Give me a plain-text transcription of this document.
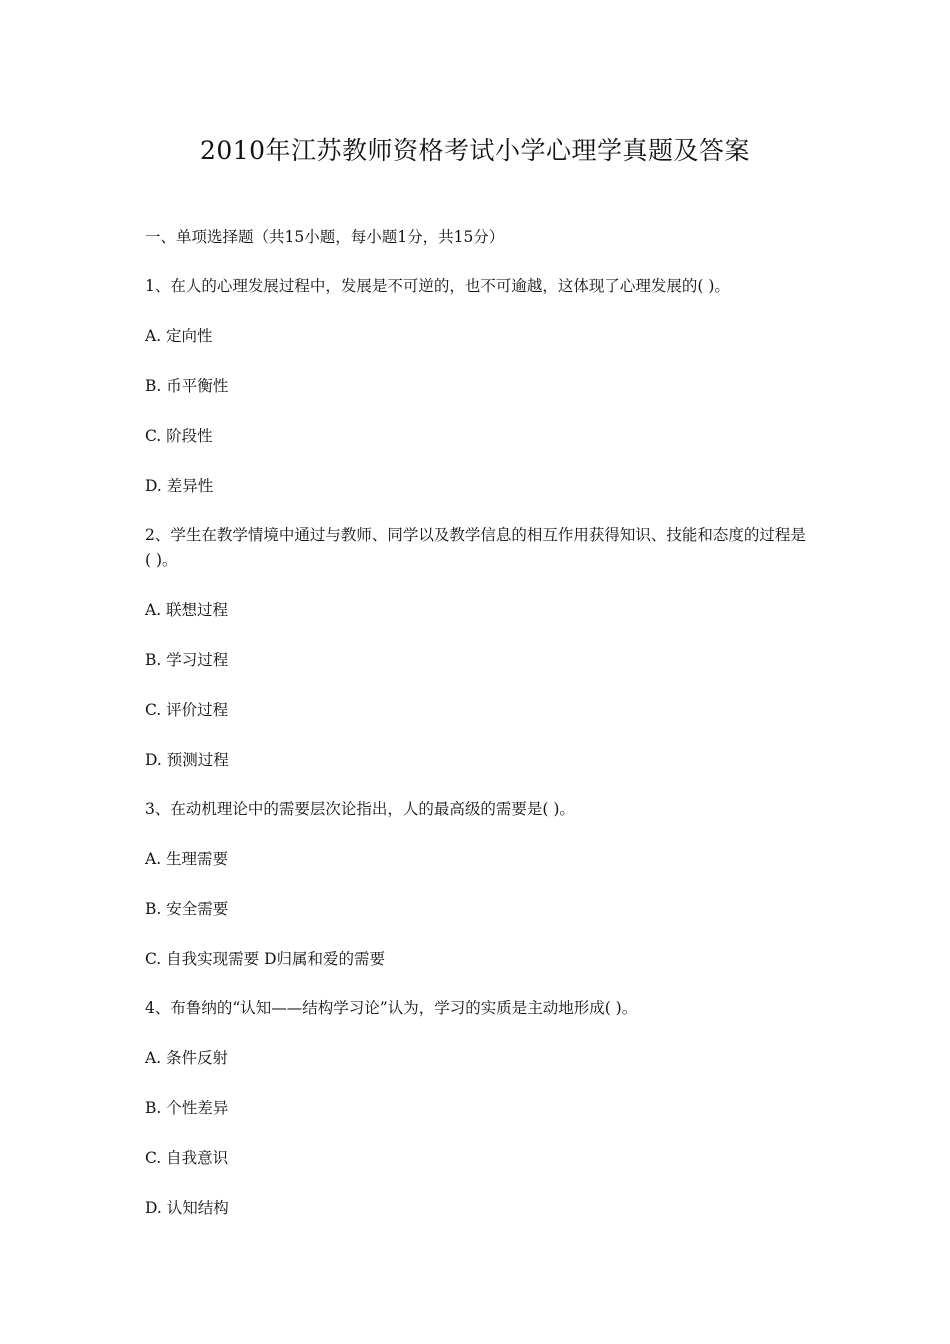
2010年江苏教师资格考试小学心理学真题及答案
一、单项选择题（共15小题，每小题1分，共15分）
1、在人的心理发展过程中，发展是不可逆的，也不可逾越，这体现了心理发展的( )。
A. 定向性
B. 币平衡性
C. 阶段性
D. 差异性
2、学生在教学情境中通过与教师、同学以及教学信息的相互作用获得知识、技能和态度的过程是( )。
A. 联想过程
B. 学习过程
C. 评价过程
D. 预测过程
3、在动机理论中的需要层次论指出，人的最高级的需要是( )。
A. 生理需要
B. 安全需要
C. 自我实现需要 D归属和爱的需要
4、布鲁纳的“认知——结构学习论”认为，学习的实质是主动地形成( )。
A. 条件反射
B. 个性差异
C. 自我意识
D. 认知结构
